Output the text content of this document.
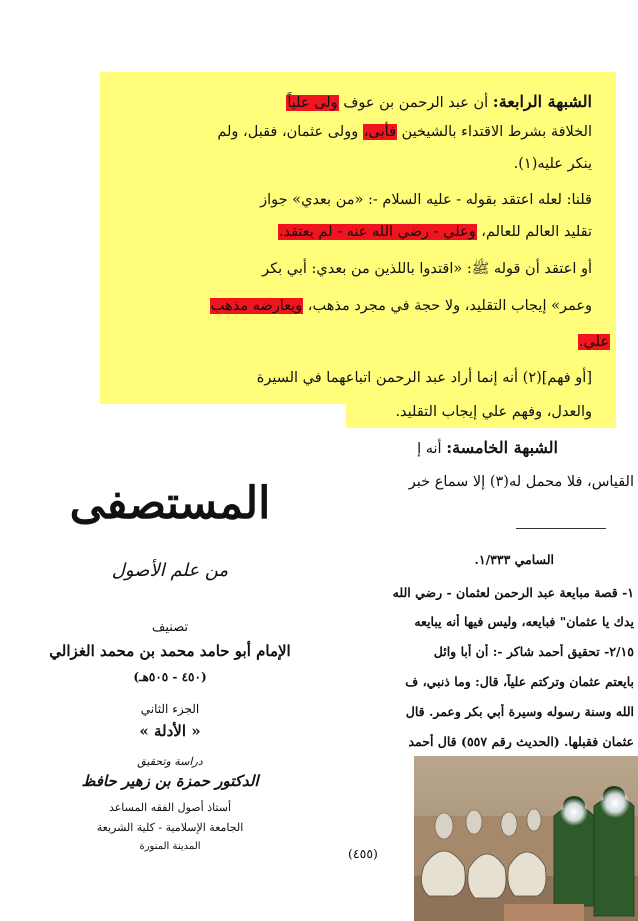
الشبهة الرابعة: أن عبد الرحمن بن عوف ولى علياً
الخلافة بشرط الاقتداء بالشيخين فأبى، وولى عثمان، فقبل، ولم
ينكر عليه(١).
قلنا: لعله اعتقد بقوله - عليه السلام -: «من بعدي» جواز
تقليد العالم للعالم، وعلي - رضي الله عنه - لم يعتقد.
أو اعتقد أن قوله ﷺ: «اقتدوا باللذين من بعدي: أبي بكر
وعمر» إيجاب التقليد، ولا حجة في مجرد مذهب، ويعارضه مذهب
علي.
[أو فهم](٢) أنه إنما أراد عبد الرحمن اتباعهما في السيرة
والعدل، وفهم علي إيجاب التقليد.
الشبهة الخامسة: أنه إ
القياس، فلا محمل له(٣) إلا سماع خبر
السامي ١/٣٣٣.
١- قصة مبايعة عبد الرحمن لعثمان - رضي الله
يدك يا عثمان" فبايعه، وليس فيها أنه يبايعه
٢/١٥- تحقيق أحمد شاكر -: أن أبا وائل
بايعتم عثمان وتركتم علياً، قال: وما ذنبي، ف
الله وسنة رسوله وسيرة أبي بكر وعمر. قال
عثمان فقبلها. (الحديث رقم ٥٥٧) قال أحمد
(٤٥٥)
المستصفى
من علم الأصول
تصنيف
الإمام أبو حامد محمد بن محمد الغزالي
(٤٥٠ - ٥٠٥هـ)
الجزء الثاني
« الأدلة »
دراسة وتحقيق
الدكتور حمزة بن زهير حافظ
أستاذ أصول الفقه المساعد
الجامعة الإسلامية - كلية الشريعة
المدينة المنورة
